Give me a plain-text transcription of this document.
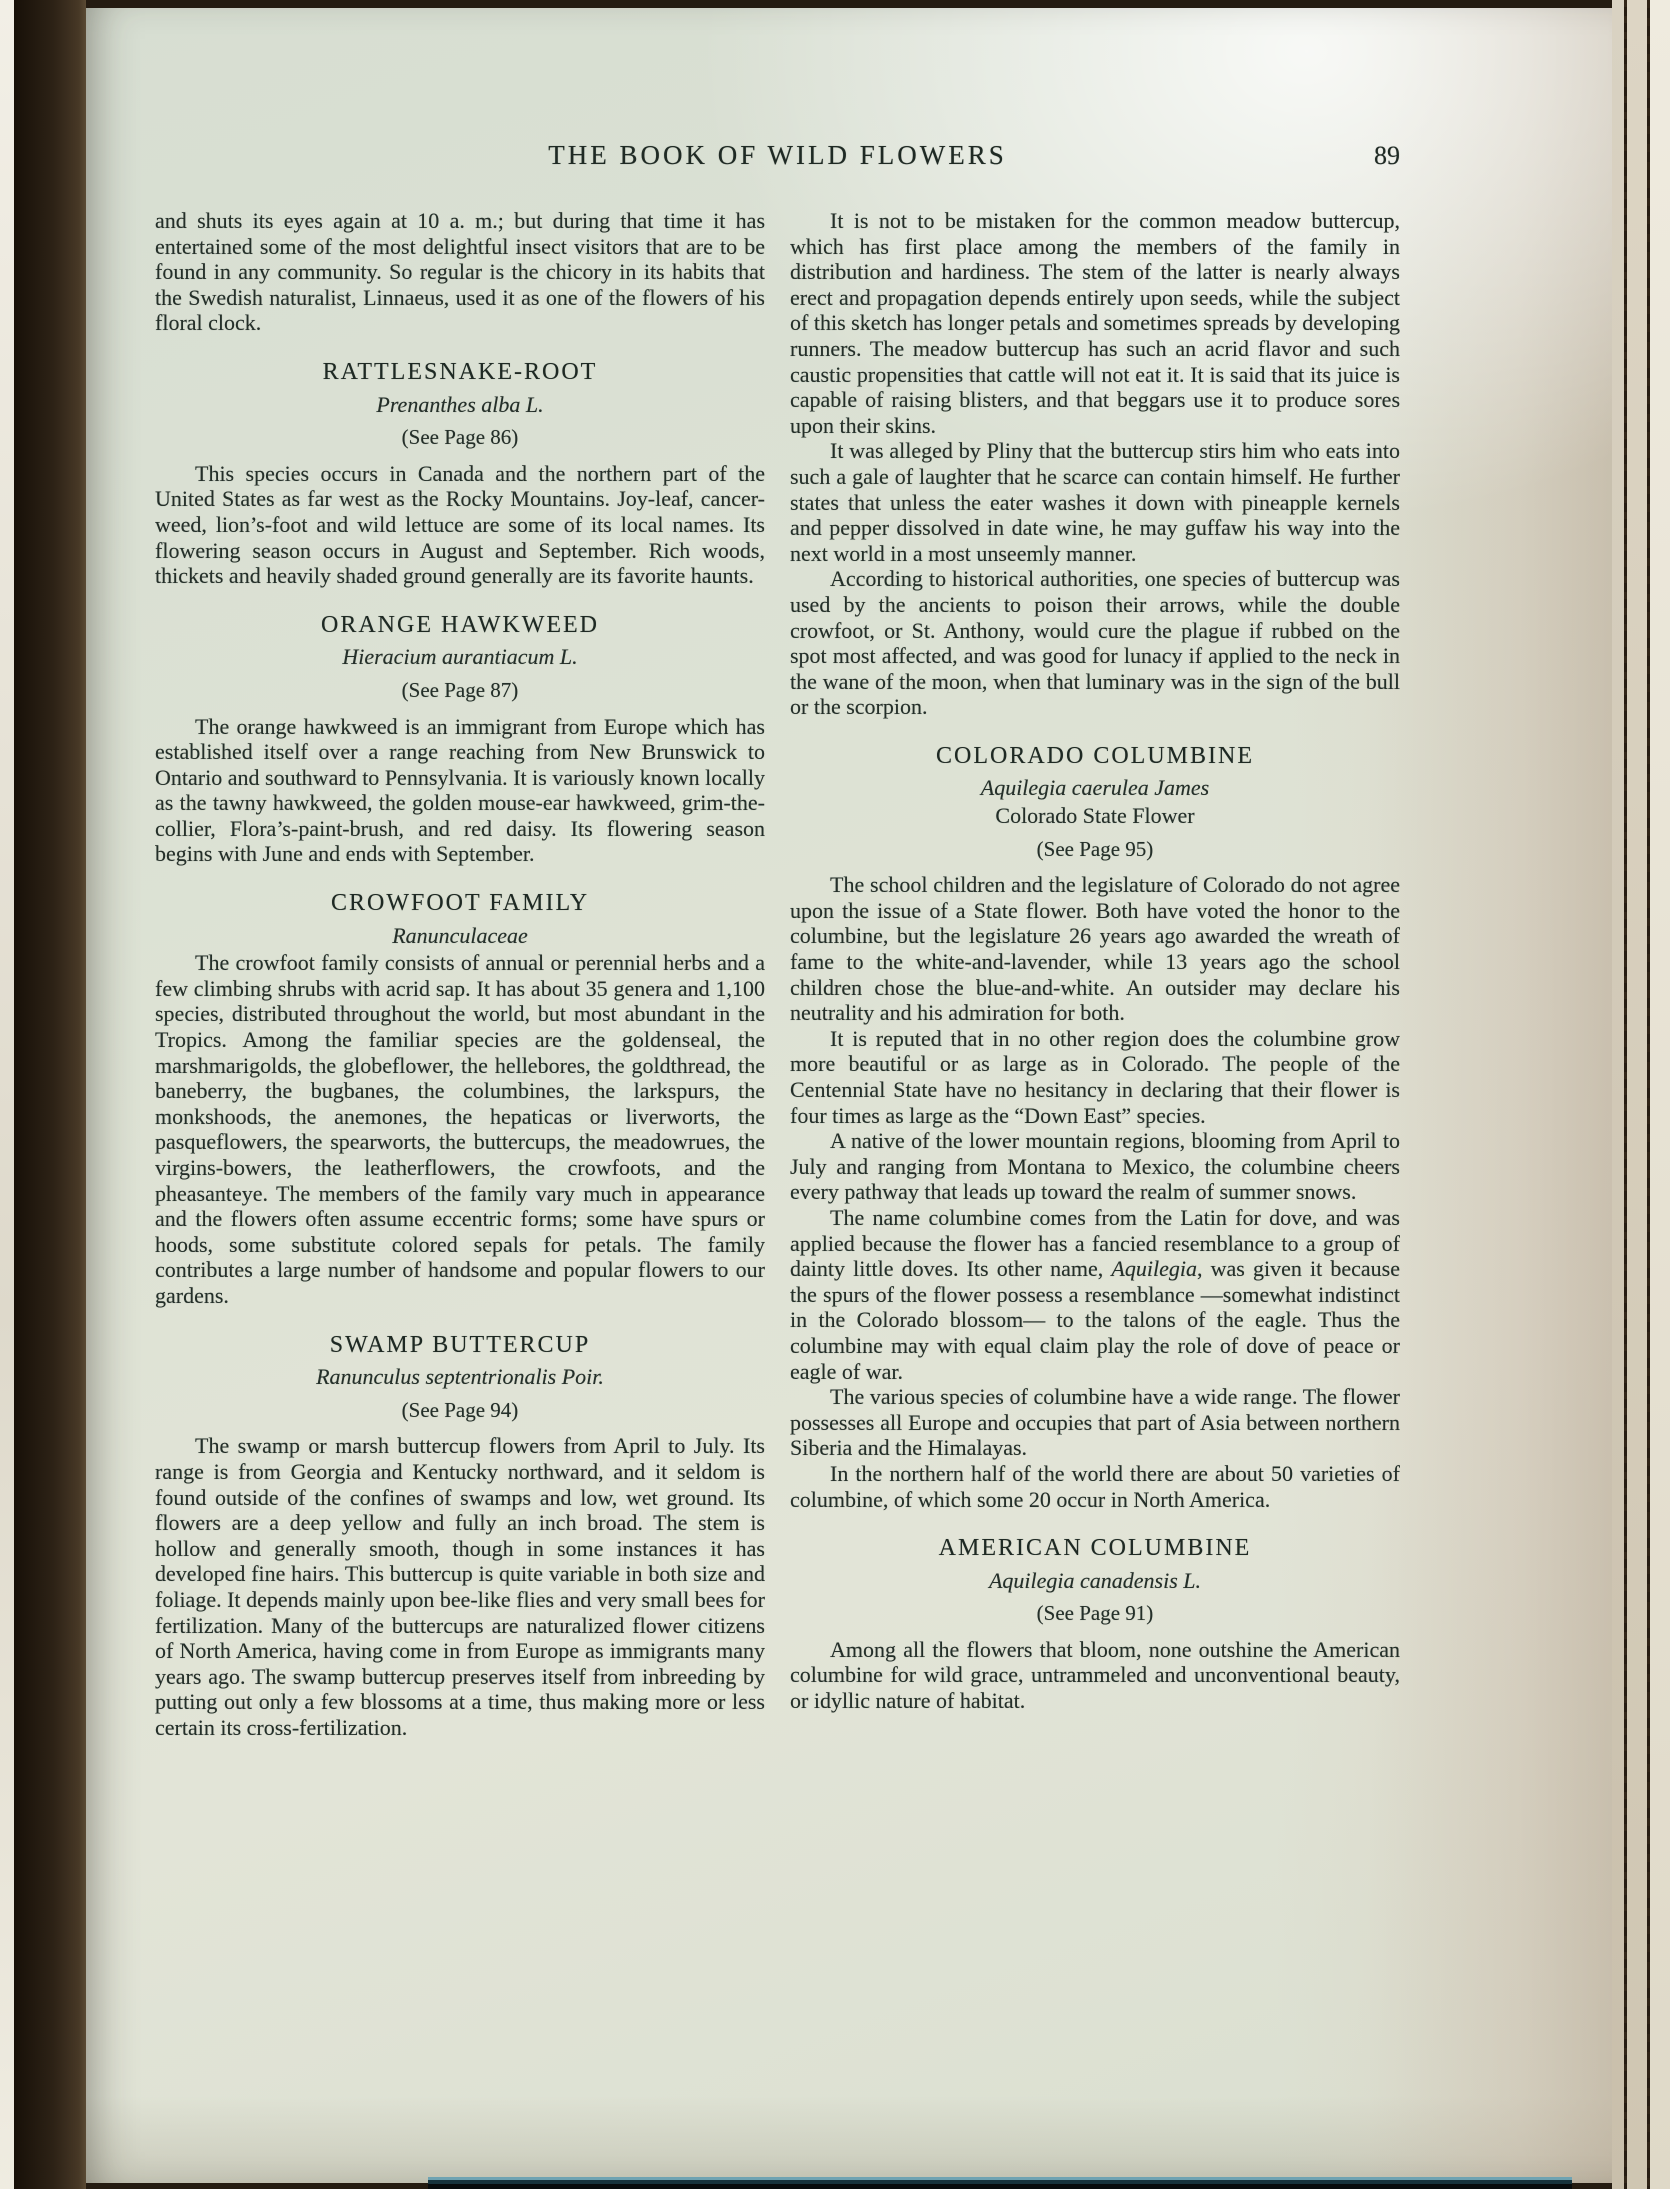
THE BOOK OF WILD FLOWERS	89

and shuts its eyes again at 10 a. m.; but during that time it has entertained some of the most delightful insect visitors that are to be found in any community. So regular is the chicory in its habits that the Swedish naturalist, Linnaeus, used it as one of the flowers of his floral clock.

RATTLESNAKE-ROOT
Prenanthes alba L.
(See Page 86)

This species occurs in Canada and the northern part of the United States as far west as the Rocky Mountains. Joy-leaf, cancer-weed, lion’s-foot and wild lettuce are some of its local names. Its flowering season occurs in August and September. Rich woods, thickets and heavily shaded ground generally are its favorite haunts.

ORANGE HAWKWEED
Hieracium aurantiacum L.
(See Page 87)

The orange hawkweed is an immigrant from Europe which has established itself over a range reaching from New Brunswick to Ontario and southward to Pennsylvania. It is variously known locally as the tawny hawkweed, the golden mouse-ear hawkweed, grim-the-collier, Flora’s-paint-brush, and red daisy. Its flowering season begins with June and ends with September.

CROWFOOT FAMILY
Ranunculaceae

The crowfoot family consists of annual or perennial herbs and a few climbing shrubs with acrid sap. It has about 35 genera and 1,100 species, distributed throughout the world, but most abundant in the Tropics. Among the familiar species are the goldenseal, the marshmarigolds, the globeflower, the hellebores, the goldthread, the baneberry, the bugbanes, the columbines, the larkspurs, the monkshoods, the anemones, the hepaticas or liverworts, the pasqueflowers, the spearworts, the buttercups, the meadowrues, the virgins-bowers, the leatherflowers, the crowfoots, and the pheasanteye. The members of the family vary much in appearance and the flowers often assume eccentric forms; some have spurs or hoods, some substitute colored sepals for petals. The family contributes a large number of handsome and popular flowers to our gardens.

SWAMP BUTTERCUP
Ranunculus septentrionalis Poir.
(See Page 94)

The swamp or marsh buttercup flowers from April to July. Its range is from Georgia and Kentucky northward, and it seldom is found outside of the confines of swamps and low, wet ground. Its flowers are a deep yellow and fully an inch broad. The stem is hollow and generally smooth, though in some instances it has developed fine hairs. This buttercup is quite variable in both size and foliage. It depends mainly upon bee-like flies and very small bees for fertilization. Many of the buttercups are naturalized flower citizens of North America, having come in from Europe as immigrants many years ago. The swamp buttercup preserves itself from inbreeding by putting out only a few blossoms at a time, thus making more or less certain its cross-fertilization.

It is not to be mistaken for the common meadow buttercup, which has first place among the members of the family in distribution and hardiness. The stem of the latter is nearly always erect and propagation depends entirely upon seeds, while the subject of this sketch has longer petals and sometimes spreads by developing runners. The meadow buttercup has such an acrid flavor and such caustic propensities that cattle will not eat it. It is said that its juice is capable of raising blisters, and that beggars use it to produce sores upon their skins.

It was alleged by Pliny that the buttercup stirs him who eats into such a gale of laughter that he scarce can contain himself. He further states that unless the eater washes it down with pineapple kernels and pepper dissolved in date wine, he may guffaw his way into the next world in a most unseemly manner.

According to historical authorities, one species of buttercup was used by the ancients to poison their arrows, while the double crowfoot, or St. Anthony, would cure the plague if rubbed on the spot most affected, and was good for lunacy if applied to the neck in the wane of the moon, when that luminary was in the sign of the bull or the scorpion.

COLORADO COLUMBINE
Aquilegia caerulea James
Colorado State Flower
(See Page 95)

The school children and the legislature of Colorado do not agree upon the issue of a State flower. Both have voted the honor to the columbine, but the legislature 26 years ago awarded the wreath of fame to the white-and-lavender, while 13 years ago the school children chose the blue-and-white. An outsider may declare his neutrality and his admiration for both.

It is reputed that in no other region does the columbine grow more beautiful or as large as in Colorado. The people of the Centennial State have no hesitancy in declaring that their flower is four times as large as the “Down East” species.

A native of the lower mountain regions, blooming from April to July and ranging from Montana to Mexico, the columbine cheers every pathway that leads up toward the realm of summer snows.

The name columbine comes from the Latin for dove, and was applied because the flower has a fancied resemblance to a group of dainty little doves. Its other name, Aquilegia, was given it because the spurs of the flower possess a resemblance —somewhat indistinct in the Colorado blossom— to the talons of the eagle. Thus the columbine may with equal claim play the role of dove of peace or eagle of war.

The various species of columbine have a wide range. The flower possesses all Europe and occupies that part of Asia between northern Siberia and the Himalayas.

In the northern half of the world there are about 50 varieties of columbine, of which some 20 occur in North America.

AMERICAN COLUMBINE
Aquilegia canadensis L.
(See Page 91)

Among all the flowers that bloom, none outshine the American columbine for wild grace, untrammeled and unconventional beauty, or idyllic nature of habitat.
